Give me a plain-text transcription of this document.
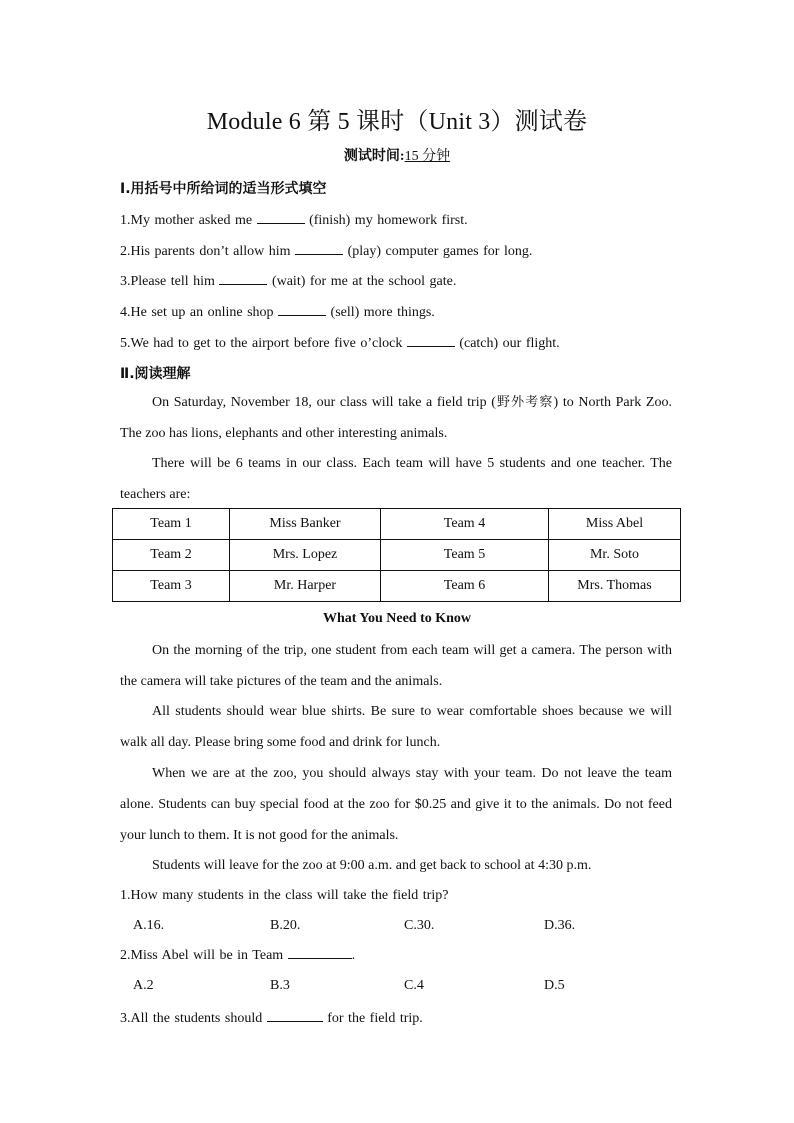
Module 6 第 5 课时（Unit 3）测试卷
测试时间:15 分钟
Ⅰ.用括号中所给词的适当形式填空
1.My mother asked me	(finish) my homework first.
2.His parents don’t allow him	(play) computer games for long.
3.Please tell him	(wait) for me at the school gate.
4.He set up an online shop	(sell) more things.
5.We had to get to the airport before five o’clock	(catch) our flight.
Ⅱ.阅读理解
On Saturday, November 18, our class will take a field trip (野外考察) to North Park Zoo. The zoo has lions, elephants and other interesting animals.
There will be 6 teams in our class. Each team will have 5 students and one teacher. The teachers are:
Team 1	Miss Banker	Team 4	Miss Abel
Team 2	Mrs. Lopez	Team 5	Mr. Soto
Team 3	Mr. Harper	Team 6	Mrs. Thomas
What You Need to Know
On the morning of the trip, one student from each team will get a camera. The person with the camera will take pictures of the team and the animals.
All students should wear blue shirts. Be sure to wear comfortable shoes because we will walk all day. Please bring some food and drink for lunch.
When we are at the zoo, you should always stay with your team. Do not leave the team alone. Students can buy special food at the zoo for $0.25 and give it to the animals. Do not feed your lunch to them. It is not good for the animals.
Students will leave for the zoo at 9:00 a.m. and get back to school at 4:30 p.m.
1.How many students in the class will take the field trip?
A.16.	B.20.	C.30.	D.36.
2.Miss Abel will be in Team	.
A.2	B.3	C.4	D.5
3.All the students should	for the field trip.
